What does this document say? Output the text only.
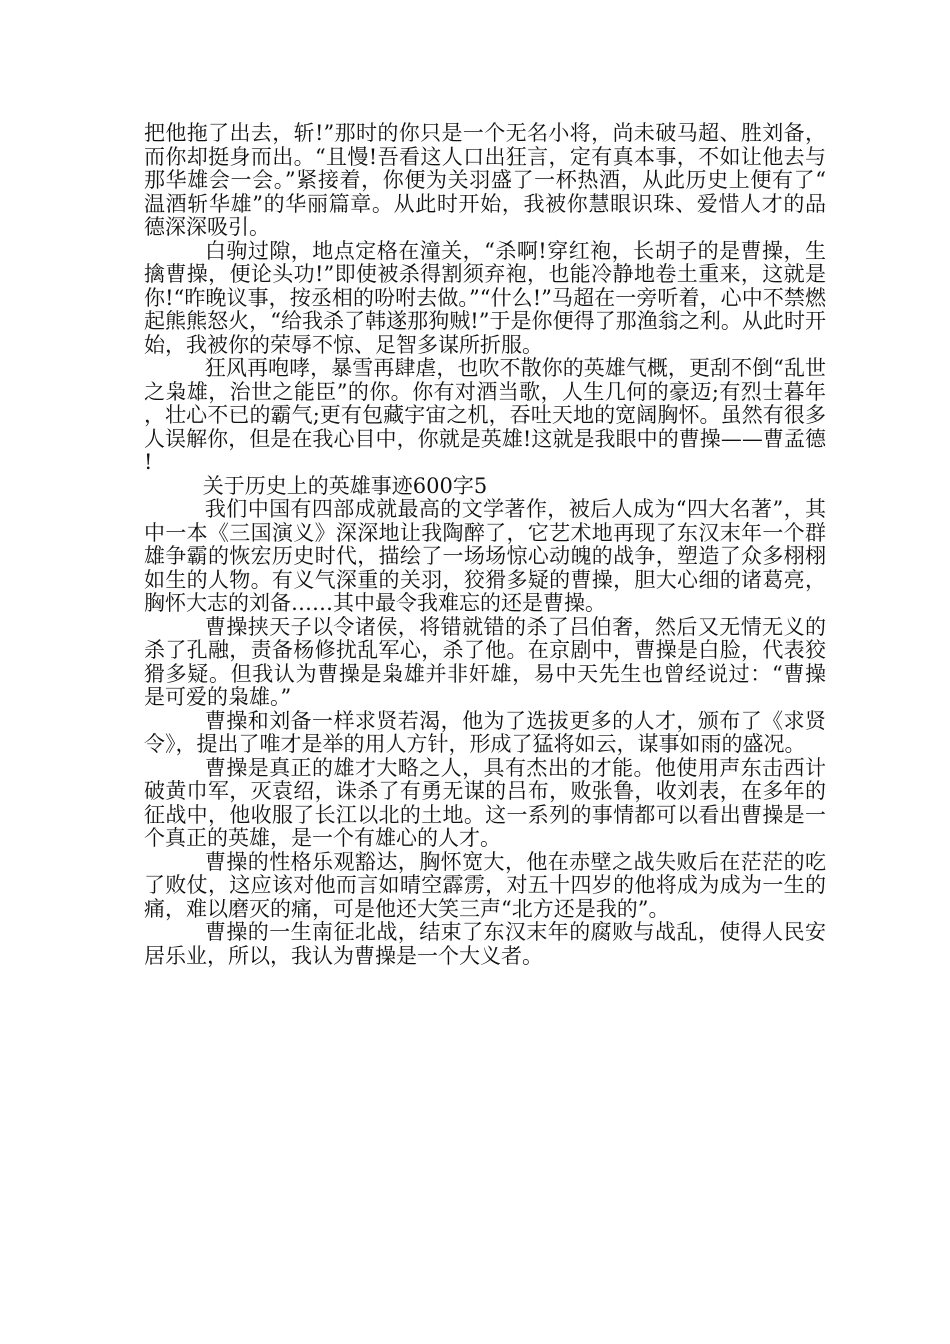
把他拖了出去，斩!”那时的你只是一个无名小将，尚未破马超、胜刘备，而你却挺身而出。“且慢!吾看这人口出狂言，定有真本事，不如让他去与那华雄会一会。”紧接着，你便为关羽盛了一杯热酒，从此历史上便有了“温酒斩华雄”的华丽篇章。从此时开始，我被你慧眼识珠、爱惜人才的品德深深吸引。

白驹过隙，地点定格在潼关，“杀啊!穿红袍，长胡子的是曹操，生擒曹操，便论头功!”即使被杀得割须弃袍，也能冷静地卷土重来，这就是你!“昨晚议事，按丞相的吩咐去做。”“什么!”马超在一旁听着，心中不禁燃起熊熊怒火，“给我杀了韩遂那狗贼!”于是你便得了那渔翁之利。从此时开始，我被你的荣辱不惊、足智多谋所折服。

狂风再咆哮，暴雪再肆虐，也吹不散你的英雄气概，更刮不倒“乱世之枭雄，治世之能臣”的你。你有对酒当歌，人生几何的豪迈;有烈士暮年，壮心不已的霸气;更有包藏宇宙之机，吞吐天地的宽阔胸怀。虽然有很多人误解你，但是在我心目中，你就是英雄!这就是我眼中的曹操——曹孟德!

关于历史上的英雄事迹600字5

我们中国有四部成就最高的文学著作，被后人成为“四大名著”，其中一本《三国演义》深深地让我陶醉了，它艺术地再现了东汉末年一个群雄争霸的恢宏历史时代，描绘了一场场惊心动魄的战争，塑造了众多栩栩如生的人物。有义气深重的关羽，狡猾多疑的曹操，胆大心细的诸葛亮，胸怀大志的刘备……其中最令我难忘的还是曹操。

曹操挟天子以令诸侯，将错就错的杀了吕伯奢，然后又无情无义的杀了孔融，责备杨修扰乱军心，杀了他。在京剧中，曹操是白脸，代表狡猾多疑。但我认为曹操是枭雄并非奸雄，易中天先生也曾经说过：“曹操是可爱的枭雄。”

曹操和刘备一样求贤若渴，他为了选拔更多的人才，颁布了《求贤令》，提出了唯才是举的用人方针，形成了猛将如云，谋事如雨的盛况。

曹操是真正的雄才大略之人，具有杰出的才能。他使用声东击西计破黄巾军，灭袁绍，诛杀了有勇无谋的吕布，败张鲁，收刘表，在多年的征战中，他收服了长江以北的土地。这一系列的事情都可以看出曹操是一个真正的英雄，是一个有雄心的人才。

曹操的性格乐观豁达，胸怀宽大，他在赤壁之战失败后在茫茫的吃了败仗，这应该对他而言如晴空霹雳，对五十四岁的他将成为成为一生的痛，难以磨灭的痛，可是他还大笑三声“北方还是我的”。

曹操的一生南征北战，结束了东汉末年的腐败与战乱，使得人民安居乐业，所以，我认为曹操是一个大义者。
